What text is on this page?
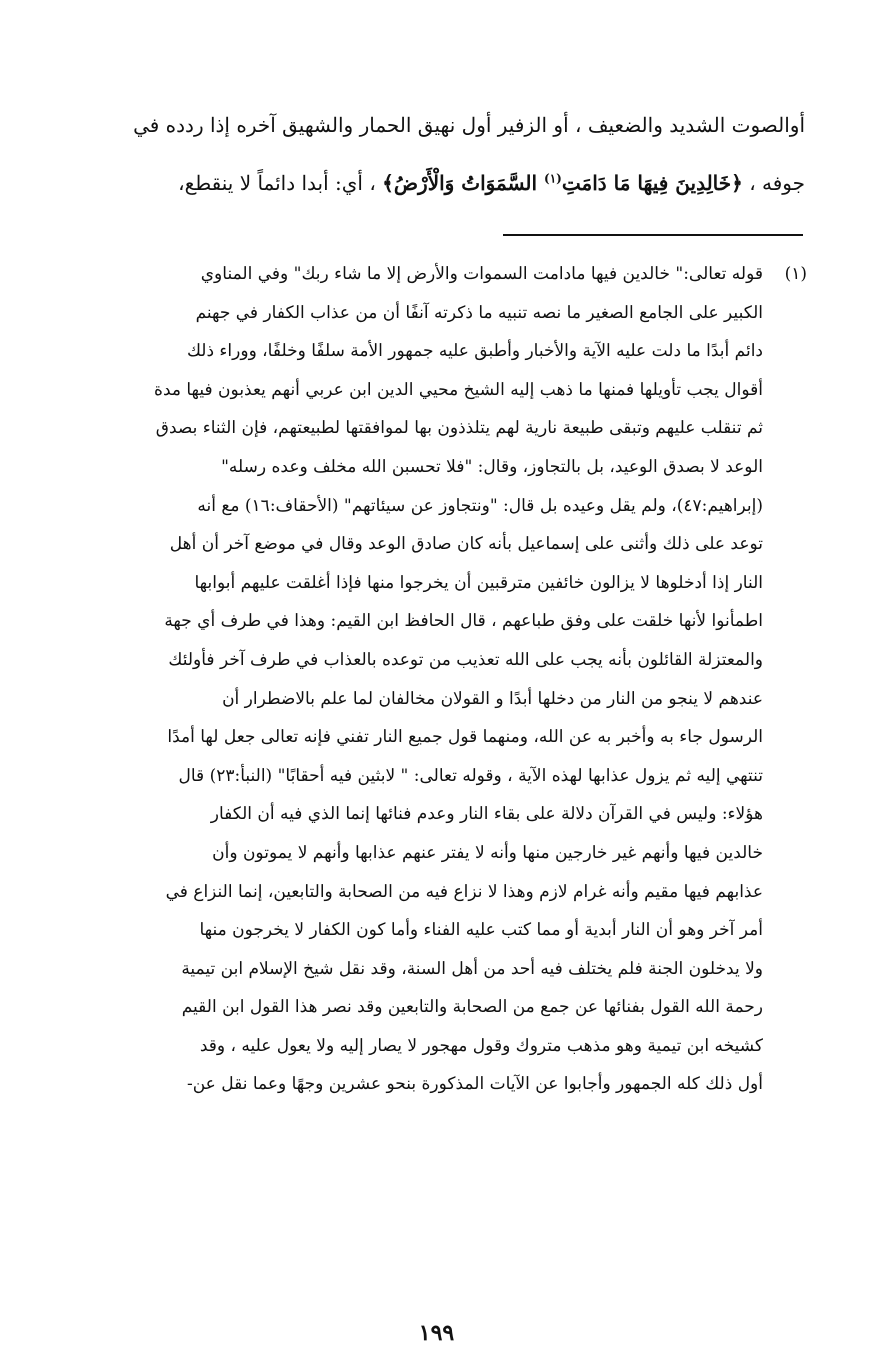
أوالصوت الشديد والضعيف ، أو الزفير أول نهيق الحمار والشهيق آخره إذا ردده في
جوفه ، ﴿خَالِدِينَ فِيهَا مَا دَامَتِ$^{(١)}$ السَّمَوَاتُ وَالْأَرْضُ﴾ ، أي: أبدا دائماً لا ينقطع،
(١)قوله تعالى:" خالدين فيها مادامت السموات والأرض إلا ما شاء ربك" وفي المناوي
الكبير على الجامع الصغير ما نصه تنبيه ما ذكرته آنفًا أن من عذاب الكفار في جهنم
دائم أبدًا ما دلت عليه الآية والأخبار وأطبق عليه جمهور الأمة سلفًا وخلفًا، ووراء ذلك
أقوال يجب تأويلها فمنها ما ذهب إليه الشيخ محيي الدين ابن عربي أنهم يعذبون فيها مدة
ثم تنقلب عليهم وتبقى طبيعة نارية لهم يتلذذون بها لموافقتها لطبيعتهم، فإن الثناء بصدق
الوعد لا بصدق الوعيد، بل بالتجاوز، وقال: "فلا تحسبن الله مخلف وعده رسله"
(إبراهيم:٤٧)، ولم يقل وعيده بل قال: "ونتجاوز عن سيئاتهم" (الأحقاف:١٦) مع أنه
توعد على ذلك وأثنى على إسماعيل بأنه كان صادق الوعد وقال في موضع آخر أن أهل
النار إذا أدخلوها لا يزالون خائفين مترقبين أن يخرجوا منها فإذا أغلقت عليهم أبوابها
اطمأنوا لأنها خلقت على وفق طباعهم ، قال الحافظ ابن القيم: وهذا في طرف أي جهة
والمعتزلة القائلون بأنه يجب على الله تعذيب من توعده بالعذاب في طرف آخر فأولئك
عندهم لا ينجو من النار من دخلها أبدًا و القولان مخالفان لما علم بالاضطرار أن
الرسول جاء به وأخبر به عن الله، ومنهما قول جميع النار تفني فإنه تعالى جعل لها أمدًا
تنتهي إليه ثم يزول عذابها لهذه الآية ، وقوله تعالى: " لابثين فيه أحقابًا" (النبأ:٢٣) قال
هؤلاء: وليس في القرآن دلالة على بقاء النار وعدم فنائها إنما الذي فيه أن الكفار
خالدين فيها وأنهم غير خارجين منها وأنه لا يفتر عنهم عذابها وأنهم لا يموتون وأن
عذابهم فيها مقيم وأنه غرام لازم وهذا لا نزاع فيه من الصحابة والتابعين، إنما النزاع في
أمر آخر وهو أن النار أبدية أو مما كتب عليه الفناء وأما كون الكفار لا يخرجون منها
ولا يدخلون الجنة فلم يختلف فيه أحد من أهل السنة، وقد نقل شيخ الإسلام ابن تيمية
رحمة الله القول بفنائها عن جمع من الصحابة والتابعين وقد نصر هذا القول ابن القيم
كشيخه ابن تيمية وهو مذهب متروك وقول مهجور لا يصار إليه ولا يعول عليه ، وقد
أول ذلك كله الجمهور وأجابوا عن الآيات المذكورة بنحو عشرين وجهًا وعما نقل عن-
١٩٩
